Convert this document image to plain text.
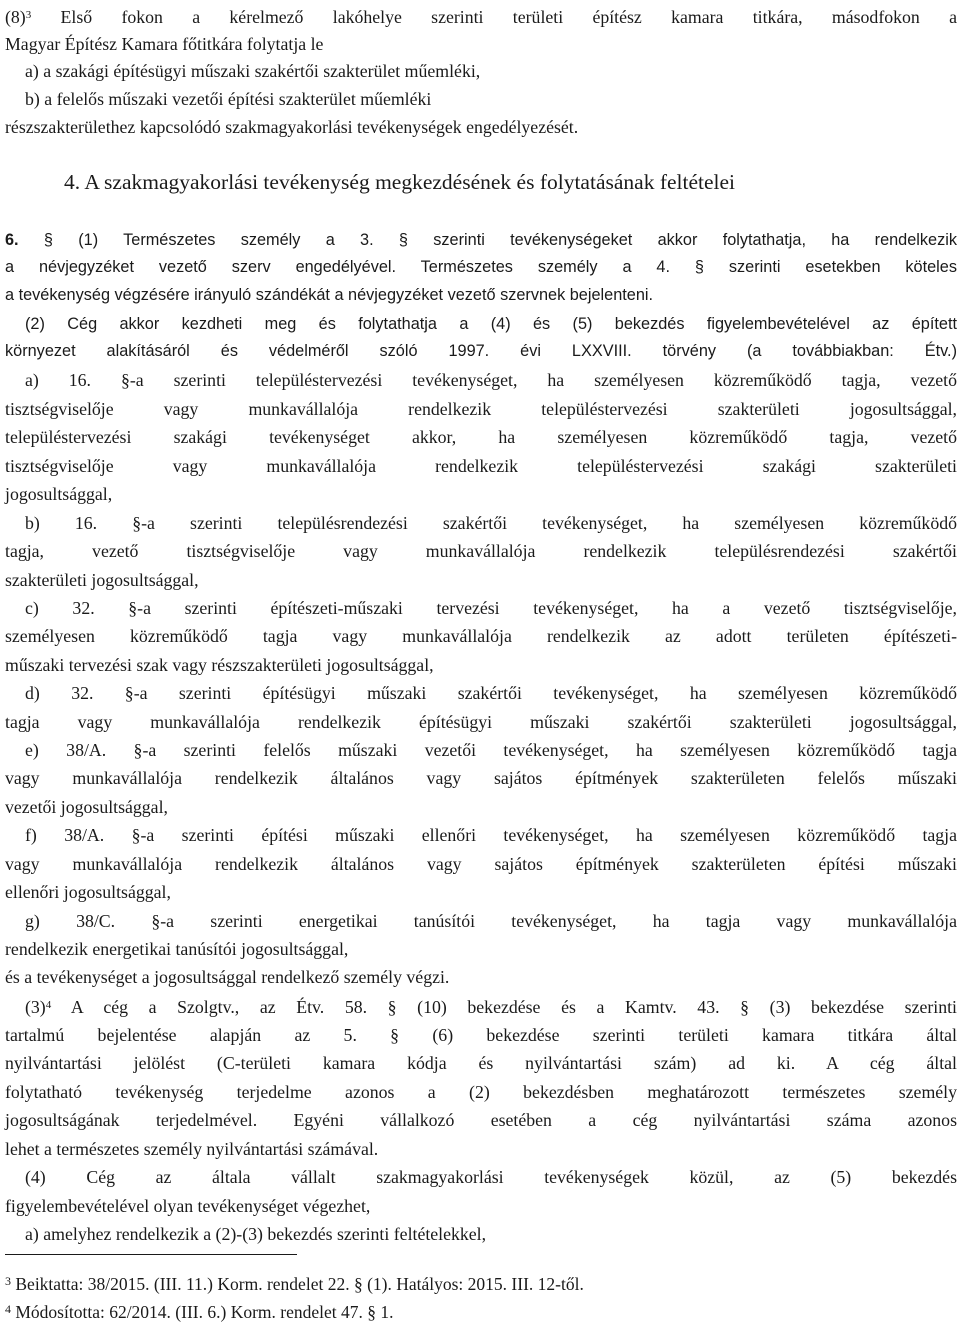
$(8)^3$ Első fokon a kérelmező lakóhelye szerinti területi építész kamara titkára, másodfokon a
Magyar Építész Kamara főtitkára folytatja le
a) a szakági építésügyi műszaki szakértői szakterület műemléki,
b) a felelős műszaki vezetői építési szakterület műemléki
részszakterülethez kapcsolódó szakmagyakorlási tevékenységek engedélyezését.
4. A szakmagyakorlási tevékenység megkezdésének és folytatásának feltételei
6. § (1) Természetes személy a 3. § szerinti tevékenységeket akkor folytathatja, ha rendelkezik
a névjegyzéket vezető szerv engedélyével. Természetes személy a 4. § szerinti esetekben köteles
a tevékenység végzésére irányuló szándékát a névjegyzéket vezető szervnek bejelenteni.
(2) Cég akkor kezdheti meg és folytathatja a (4) és (5) bekezdés figyelembevételével az épített
környezet alakításáról és védelméről szóló 1997. évi LXXVIII. törvény (a továbbiakban: Étv.)
a) 16. §-a szerinti településtervezési tevékenységet, ha személyesen közreműködő tagja, vezető
tisztségviselője vagy munkavállalója rendelkezik településtervezési szakterületi jogosultsággal,
településtervezési szakági tevékenységet akkor, ha személyesen közreműködő tagja, vezető
tisztségviselője vagy munkavállalója rendelkezik településtervezési szakági szakterületi
jogosultsággal,
b) 16. §-a szerinti településrendezési szakértői tevékenységet, ha személyesen közreműködő
tagja, vezető tisztségviselője vagy munkavállalója rendelkezik településrendezési szakértői
szakterületi jogosultsággal,
c) 32. §-a szerinti építészeti-műszaki tervezési tevékenységet, ha a vezető tisztségviselője,
személyesen közreműködő tagja vagy munkavállalója rendelkezik az adott területen építészeti-
műszaki tervezési szak vagy részszakterületi jogosultsággal,
d) 32. §-a szerinti építésügyi műszaki szakértői tevékenységet, ha személyesen közreműködő
tagja vagy munkavállalója rendelkezik építésügyi műszaki szakértői szakterületi jogosultsággal,
e) 38/A. §-a szerinti felelős műszaki vezetői tevékenységet, ha személyesen közreműködő tagja
vagy munkavállalója rendelkezik általános vagy sajátos építmények szakterületen felelős műszaki
vezetői jogosultsággal,
f) 38/A. §-a szerinti építési műszaki ellenőri tevékenységet, ha személyesen közreműködő tagja
vagy munkavállalója rendelkezik általános vagy sajátos építmények szakterületen építési műszaki
ellenőri jogosultsággal,
g) 38/C. §-a szerinti energetikai tanúsítói tevékenységet, ha tagja vagy munkavállalója
rendelkezik energetikai tanúsítói jogosultsággal,
és a tevékenységet a jogosultsággal rendelkező személy végzi.
$(3)^4$ A cég a Szolgtv., az Étv. 58. § (10) bekezdése és a Kamtv. 43. § (3) bekezdése szerinti
tartalmú bejelentése alapján az 5. § (6) bekezdése szerinti területi kamara titkára által
nyilvántartási jelölést (C-területi kamara kódja és nyilvántartási szám) ad ki. A cég által
folytatható tevékenység terjedelme azonos a (2) bekezdésben meghatározott természetes személy
jogosultságának terjedelmével. Egyéni vállalkozó esetében a cég nyilvántartási száma azonos
lehet a természetes személy nyilvántartási számával.
(4) Cég az általa vállalt szakmagyakorlási tevékenységek közül, az (5) bekezdés
figyelembevételével olyan tevékenységet végezhet,
a) amelyhez rendelkezik a (2)-(3) bekezdés szerinti feltételekkel,
$^3$ Beiktatta: 38/2015. (III. 11.) Korm. rendelet 22. § (1). Hatályos: 2015. III. 12-től.
$^4$ Módosította: 62/2014. (III. 6.) Korm. rendelet 47. § 1.
